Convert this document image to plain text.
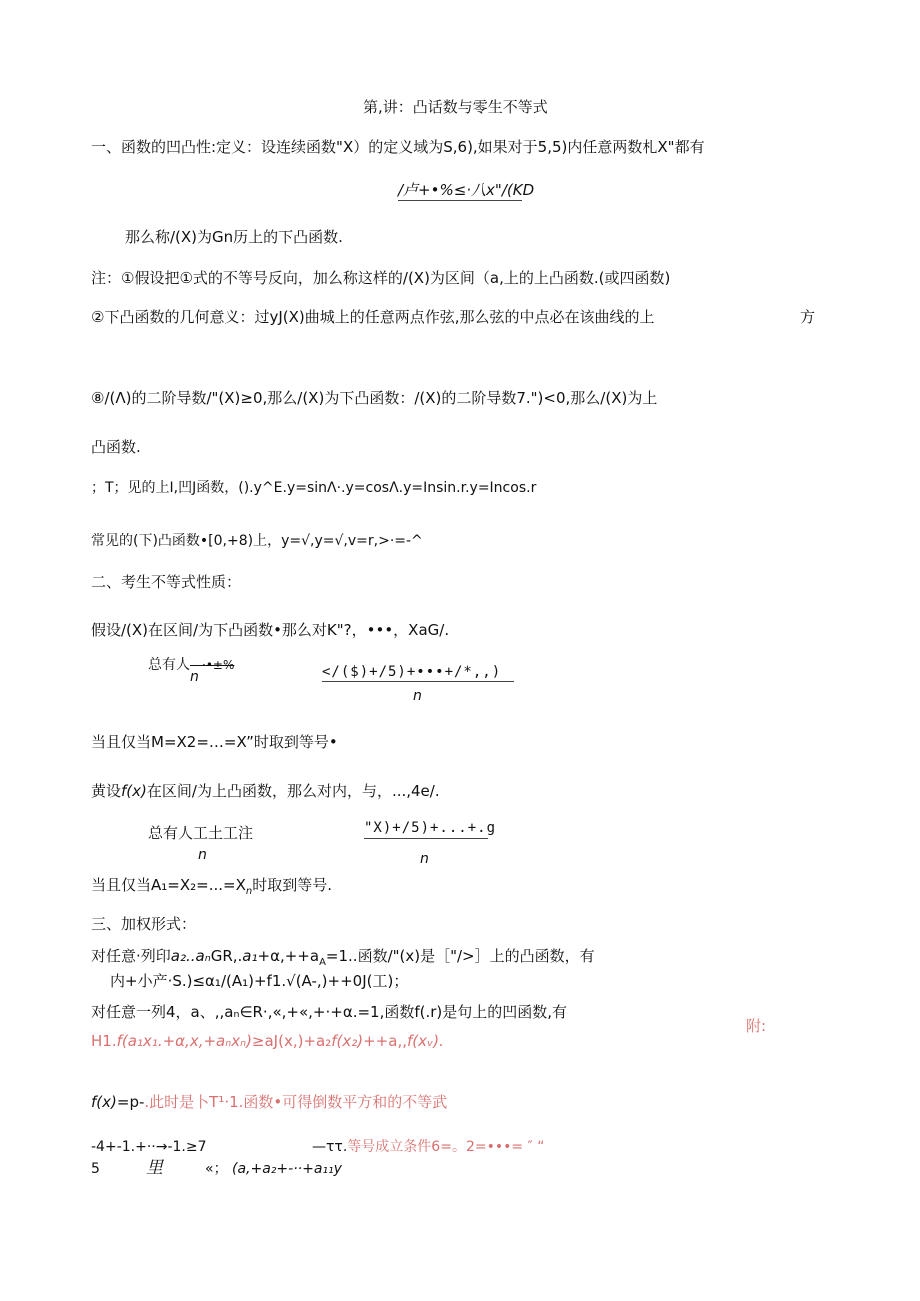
第,讲：凸话数与零生不等式
一、函数的凹凸性:定义：设连续函数"X）的定义域为S,6),如果对于5,5)内任意两数札X"都有
/卢+•%≤·八x"/(KD
那么称/(X)为Gn历上的下凸函数.
注：①假设把①式的不等号反向，加么称这样的/(X)为区间（a,上的上凸函数.(或四函数)
②下凸函数的几何意义：过yJ(X)曲城上的任意两点作弦,那么弦的中点必在该曲线的上	方
⑧/(Λ)的二阶导数/"(X)≥0,那么/(X)为下凸函数：/(X)的二阶导数7.")<0,那么/(X)为上
凸函数.
；T；见的上I,凹J函数，().y^E.y=sinΛ·.y=cosΛ.y=Insin.r.y=Incos.r
常见的(下)凸函数•[0,+8)上，y=√,y=√,v=r,>·=-^
二、考生不等式性质：
假设/(X)在区间/为下凸函数•那么对K"?，•••，XaG/.
总有人—·•±%
n	</($)+/5)+•••+/*,,)
n
当且仅当M=X2=…=X”时取到等号•
黄设f(x)在区间/为上凸函数，那么对内，与，...,4e/.
总有人工土工注
n
"X)+/5)+...+.g
n
当且仅当$A_1=X_2=...=X_n$时取到等号.
三、加权形式：
对任意·列印$a_2..a_nGR,.a_1+\alpha,++a_A=1$..函数/"(x)是［"/>］上的凸函数，有
内+小产·S.)≤α₁/(A₁)+f1.√(A-,)++0J(工)；
对任意一列4，a、,,aₙ∈R·,«,+«,+·+α.=1,函数f(.r)是句上的凹函数,有
附:
H1.f(a₁x₁.+α,x,+aₙxₙ)≥aJ(x,)+a₂f(x₂)++a,,f(xᵥ).
f(x)=p-.此时是卜T¹·1.函数•可得倒数平方和的不等武
-4+-1.+··→-1.≥7	—ττ.等号成立条件6=。2=•••= ″ “
5	里	«； (a,+a₂+-··+a₁₁y
